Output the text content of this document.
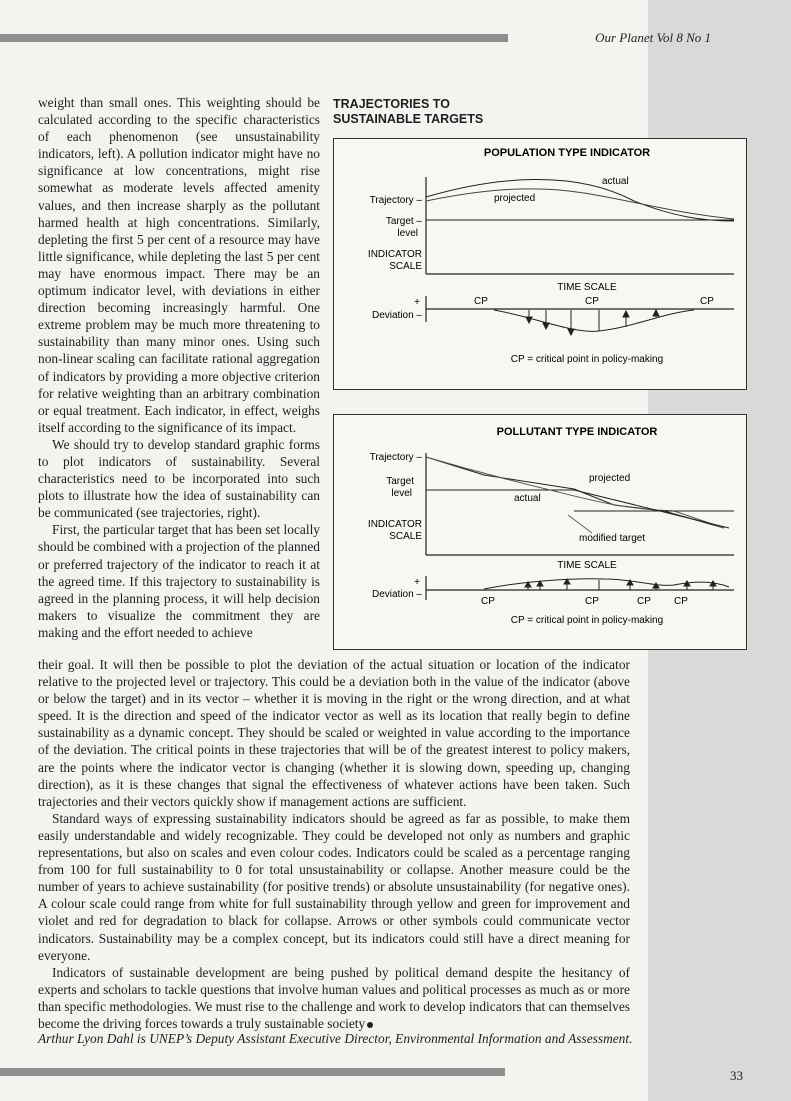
Our Planet Vol 8 No 1

weight than small ones. This weighting should be calculated according to the specific characteristics of each phenomenon (see unsustainability indicators, left). A pollution indicator might have no significance at low concentrations, might rise somewhat as moderate levels affected amenity values, and then increase sharply as the pollutant harmed health at high concentrations. Similarly, depleting the first 5 per cent of a resource may have little significance, while depleting the last 5 per cent may have enormous impact. There may be an optimum indicator level, with deviations in either direction becoming increasingly harmful. One extreme problem may be much more threatening to sustainability than many minor ones. Using such non-linear scaling can facilitate rational aggregation of indicators by providing a more objective criterion for relative weighting than an arbitrary combination or equal treatment. Each indicator, in effect, weighs itself according to the significance of its impact.

We should try to develop standard graphic forms to plot indicators of sustainability. Several characteristics need to be incorporated into such plots to illustrate how the idea of sustainability can be communicated (see trajectories, right).

First, the particular target that has been set locally should be combined with a projection of the planned or preferred trajectory of the indicator to reach it at the agreed time. If this trajectory to sustainability is agreed in the planning process, it will help decision makers to visualize the commitment they are making and the effort needed to achieve

TRAJECTORIES TO
SUSTAINABLE TARGETS
POPULATION TYPE INDICATOR
Trajectory –
Target –
level
INDICATOR
SCALE
actual
projected
TIME SCALE
+
Deviation –
CP	CP	CP
CP = critical point in policy-making
POLLUTANT TYPE INDICATOR
Trajectory –
Target
level
INDICATOR
SCALE
actual
projected
modified target
TIME SCALE
+
Deviation –
CP	CP	CP CP
CP = critical point in policy-making

their goal. It will then be possible to plot the deviation of the actual situation or location of the indicator relative to the projected level or trajectory. This could be a deviation both in the value of the indicator (above or below the target) and in its vector – whether it is moving in the right or the wrong direction, and at what speed. It is the direction and speed of the indicator vector as well as its location that really begin to define sustainability as a dynamic concept. They should be scaled or weighted in value according to the importance of the deviation. The critical points in these trajectories that will be of the greatest interest to policy makers, are the points where the indicator vector is changing (whether it is slowing down, speeding up, changing direction), as it is these changes that signal the effectiveness of whatever actions have been taken. Such trajectories and their vectors quickly show if management actions are sufficient.

Standard ways of expressing sustainability indicators should be agreed as far as possible, to make them easily understandable and widely recognizable. They could be developed not only as numbers and graphic representations, but also on scales and even colour codes. Indicators could be scaled as a percentage ranging from 100 for full sustainability to 0 for total unsustainability or collapse. Another measure could be the number of years to achieve sustainability (for positive trends) or absolute unsustainability (for negative ones). A colour scale could range from white for full sustainability through yellow and green for improvement and violet and red for degradation to black for collapse. Arrows or other symbols could communicate vector indicators. Sustainability may be a complex concept, but its indicators could still have a direct meaning for everyone.

Indicators of sustainable development are being pushed by political demand despite the hesitancy of experts and scholars to tackle questions that involve human values and political processes as much as or more than specific methodologies. We must rise to the challenge and work to develop indicators that can themselves become the driving forces towards a truly sustainable society

Arthur Lyon Dahl is UNEP’s Deputy Assistant Executive Director, Environmental Information and Assessment.
33
